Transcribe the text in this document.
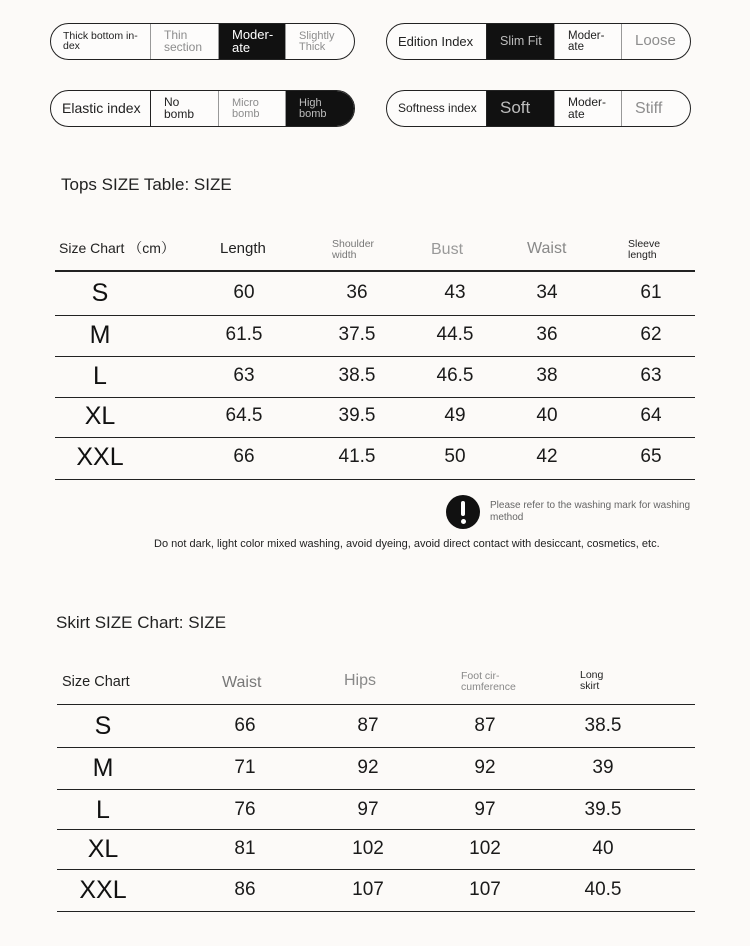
Thick bottom in-
dex
Thin
section
Moder-
ate
Slightly
Thick	Edition Index	Slim Fit	Moder-
ate	Loose
Elastic index	No
bomb
Micro
bomb
High
bomb	Softness index	Soft	Moder-
ate	Stiff
Tops SIZE Table: SIZE
Size Chart （cm）	Length	Shoulder
width	Bust	Waist	Sleeve
length
S	60	36	43	34	61
M	61.5	37.5	44.5	36	62
L	63	38.5	46.5	38	63
XL	64.5	39.5	49	40	64
XXL	66	41.5	50	42	65
Please refer to the washing mark for washing method
Do not dark, light color mixed washing, avoid dyeing, avoid direct contact with desiccant, cosmetics, etc.
Skirt SIZE Chart: SIZE
Size Chart	Waist	Hips	Foot cir-
cumference
Long
skirt
S	66	87	87	38.5
M	71	92	92	39
L	76	97	97	39.5
XL	81	102	102	40
XXL	86	107	107	40.5
